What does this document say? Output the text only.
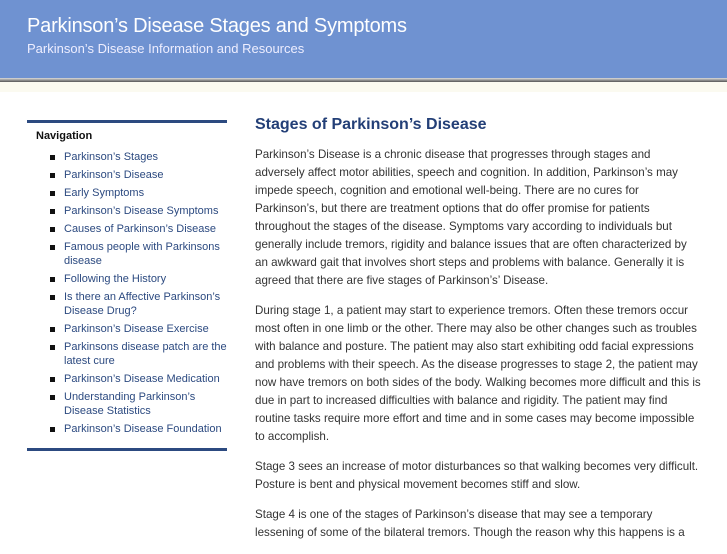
Parkinson’s Disease Stages and Symptoms

Parkinson’s Disease Information and Resources

Navigation
Parkinson’s Stages
Parkinson’s Disease
Early Symptoms
Parkinson’s Disease Symptoms
Causes of Parkinson’s Disease
Famous people with Parkinsons disease
Following the History
Is there an Affective Parkinson’s Disease Drug?
Parkinson’s Disease Exercise
Parkinsons disease patch are the latest cure
Parkinson’s Disease Medication
Understanding Parkinson’s Disease Statistics
Parkinson’s Disease Foundation
Stages of Parkinson’s Disease

Parkinson’s Disease is a chronic disease that progresses through stages and adversely affect motor abilities, speech and cognition. In addition, Parkinson’s may impede speech, cognition and emotional well-being. There are no cures for Parkinson’s, but there are treatment options that do offer promise for patients throughout the stages of the disease. Symptoms vary according to individuals but generally include tremors, rigidity and balance issues that are often characterized by an awkward gait that involves short steps and problems with balance. Generally it is agreed that there are five stages of Parkinson’s’ Disease.

During stage 1, a patient may start to experience tremors. Often these tremors occur most often in one limb or the other. There may also be other changes such as troubles with balance and posture. The patient may also start exhibiting odd facial expressions and problems with their speech. As the disease progresses to stage 2, the patient may now have tremors on both sides of the body. Walking becomes more difficult and this is due in part to increased difficulties with balance and rigidity. The patient may find routine tasks require more effort and time and in some cases may become impossible to accomplish.

Stage 3 sees an increase of motor disturbances so that walking becomes very difficult. Posture is bent and physical movement becomes stiff and slow.

Stage 4 is one of the stages of Parkinson’s disease that may see a temporary lessening of some of the bilateral tremors. Though the reason why this happens is a
